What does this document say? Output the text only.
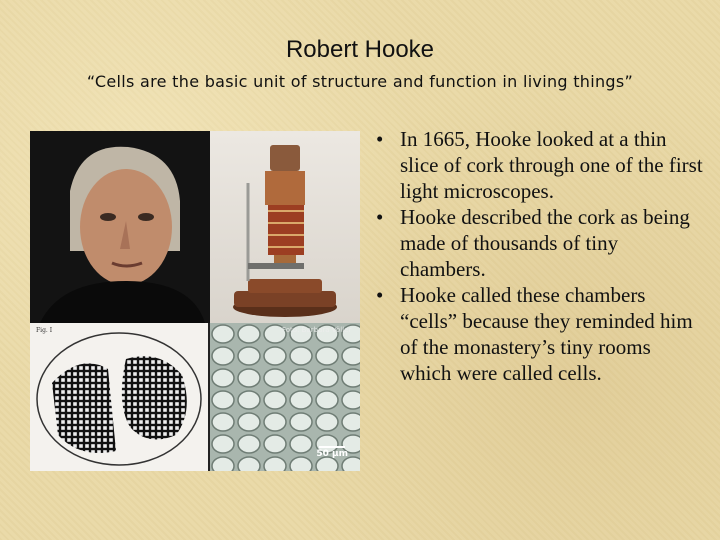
Robert Hooke
“Cells are the basic unit of structure and function in living things”
Fig. I	Foto: Barbara Völler
50 µm
• In 1665, Hooke looked at a thin slice of cork through one of the first light microscopes.
• Hooke described the cork as being made of thousands of tiny chambers.
• Hooke called these chambers “cells” because they reminded him of the monastery’s tiny rooms which were called cells.
